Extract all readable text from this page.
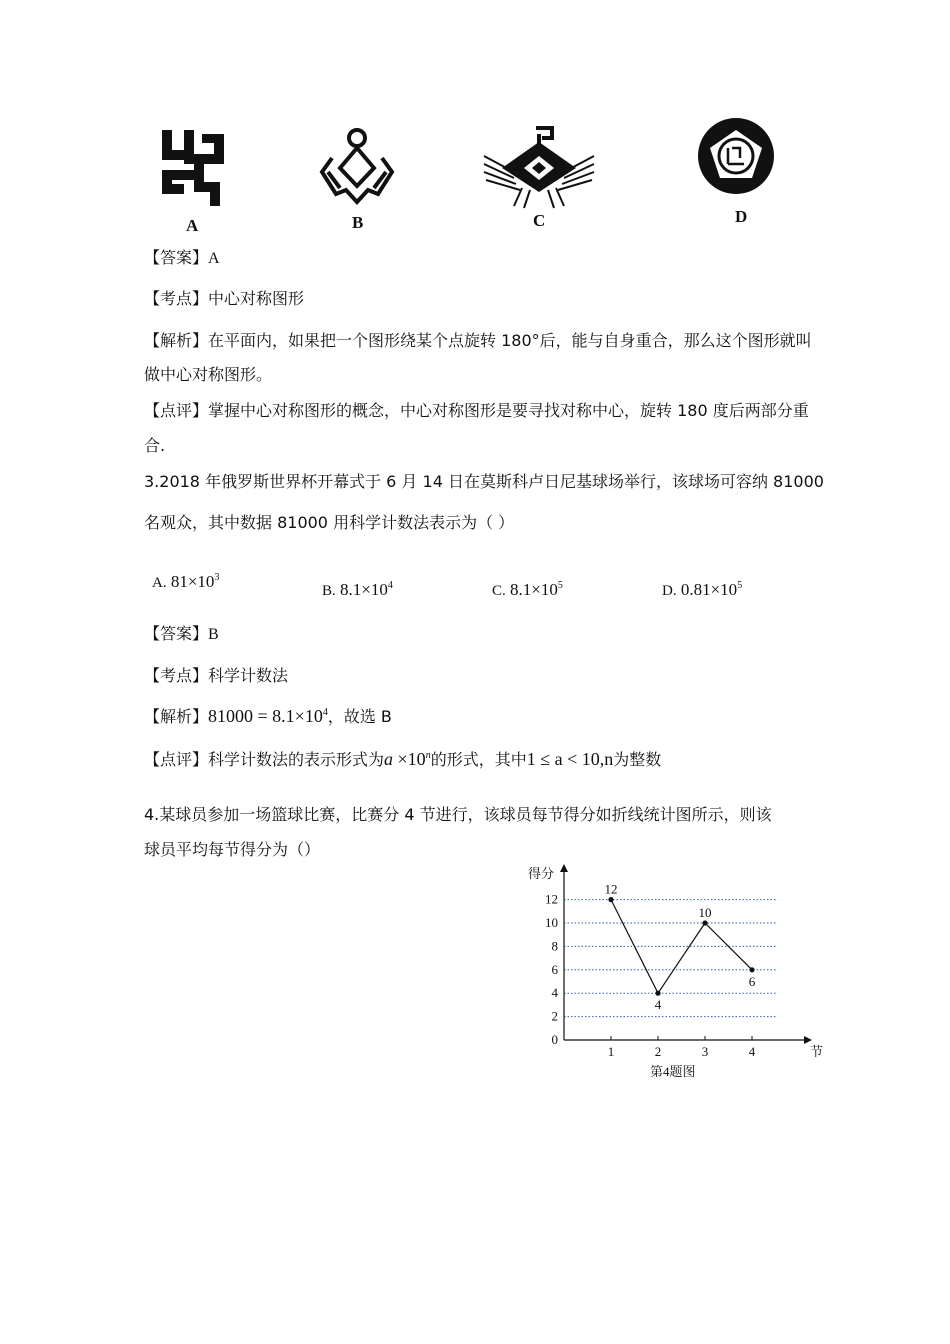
A	B	C	D
【答案】A
【考点】中心对称图形
【解析】在平面内，如果把一个图形绕某个点旋转 180°后，能与自身重合，那么这个图形就叫
做中心对称图形。
【点评】掌握中心对称图形的概念，中心对称图形是要寻找对称中心，旋转 180 度后两部分重
合.
3.2018 年俄罗斯世界杯开幕式于 6 月 14 日在莫斯科卢日尼基球场举行，该球场可容纳 81000
名观众，其中数据 81000 用科学计数法表示为（ ）
A. $81\times 10^3$
B. $8.1\times 10^4$	C. $8.1\times 10^5$	D. $0.81\times 10^5$
【答案】B
【考点】科学计数法
【解析】$81000 = 8.1\times 10^4$，故选 B
【点评】科学计数法的表示形式为$a \times 10^n$的形式，其中1 ≤ a < 10,n为整数
4.某球员参加一场篮球比赛，比赛分 4 节进行，该球员每节得分如折线统计图所示，则该
球员平均每节得分为（）
0
2
4
6
8
10
12
1	2	3	4
12
4
10
6
得分
节
第4题图
